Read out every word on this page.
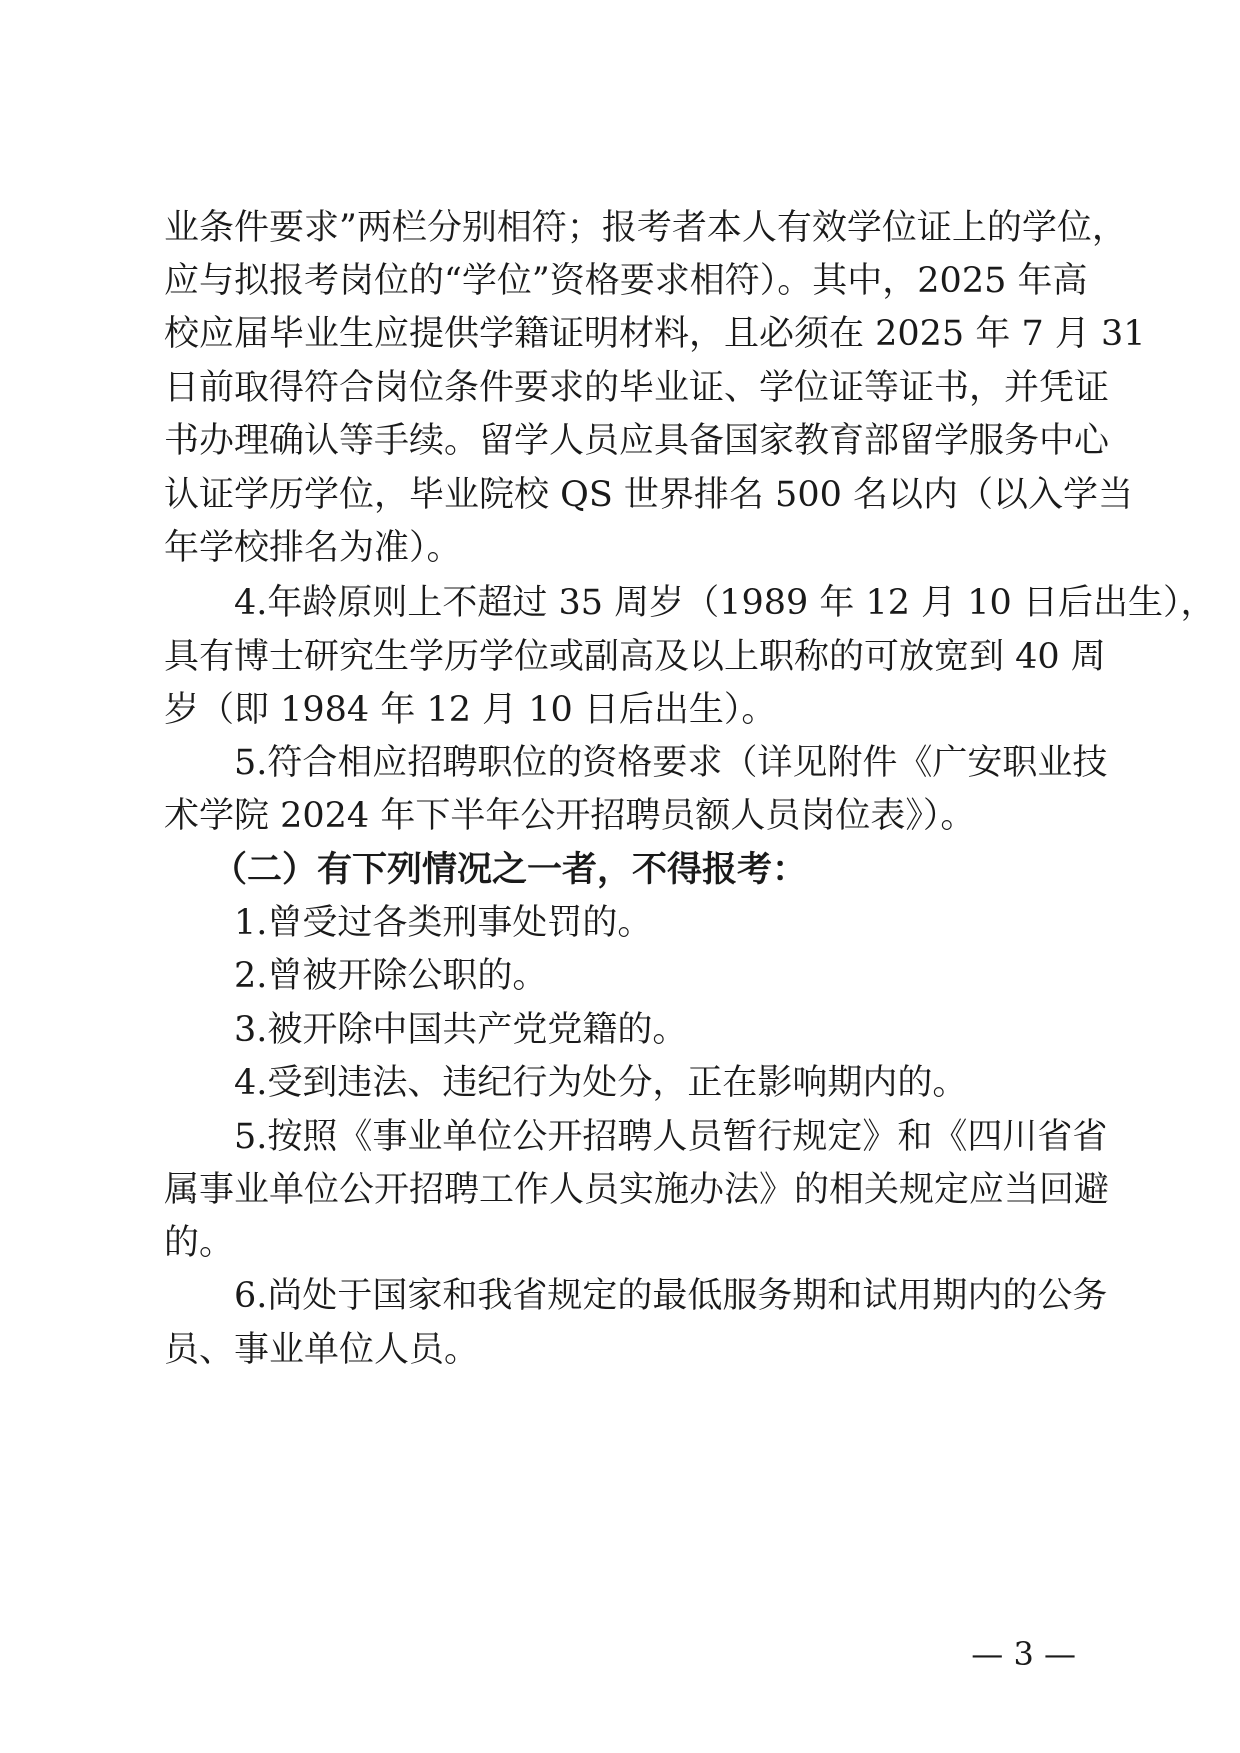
业条件要求”两栏分别相符；报考者本人有效学位证上的学位，
应与拟报考岗位的“学位”资格要求相符）。其中，2025 年高
校应届毕业生应提供学籍证明材料，且必须在 2025 年 7 月 31
日前取得符合岗位条件要求的毕业证、学位证等证书，并凭证
书办理确认等手续。留学人员应具备国家教育部留学服务中心
认证学历学位，毕业院校 QS 世界排名 500 名以内（以入学当
年学校排名为准）。
4.年龄原则上不超过 35 周岁（1989 年 12 月 10 日后出生），
具有博士研究生学历学位或副高及以上职称的可放宽到 40 周
岁（即 1984 年 12 月 10 日后出生）。
5.符合相应招聘职位的资格要求（详见附件《广安职业技
术学院 2024 年下半年公开招聘员额人员岗位表》）。
（二）有下列情况之一者，不得报考：
1.曾受过各类刑事处罚的。
2.曾被开除公职的。
3.被开除中国共产党党籍的。
4.受到违法、违纪行为处分，正在影响期内的。
5.按照《事业单位公开招聘人员暂行规定》和《四川省省
属事业单位公开招聘工作人员实施办法》的相关规定应当回避
的。
6.尚处于国家和我省规定的最低服务期和试用期内的公务
员、事业单位人员。
— 3 —
